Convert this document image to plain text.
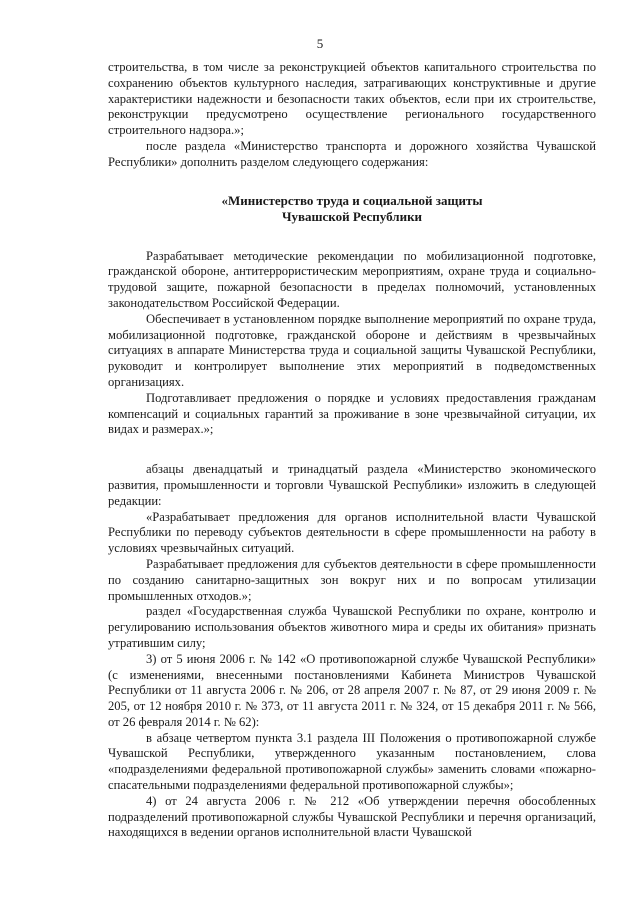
5

строительства, в том числе за реконструкцией объектов капитального строительства по сохранению объектов культурного наследия, затрагивающих конструктивные и другие характеристики надежности и безопасности таких объектов, если при их строительстве, реконструкции предусмотрено осуществление регионального государственного строительного надзора.»;

после раздела «Министерство транспорта и дорожного хозяйства Чувашской Республики» дополнить разделом следующего содержания:

«Министерство труда и социальной защиты

Чувашской Республики

Разрабатывает методические рекомендации по мобилизационной подготовке, гражданской обороне, антитеррористическим мероприятиям, охране труда и социально-трудовой защите, пожарной безопасности в пределах полномочий, установленных законодательством Российской Федерации.

Обеспечивает в установленном порядке выполнение мероприятий по охране труда, мобилизационной подготовке, гражданской обороне и действиям в чрезвычайных ситуациях в аппарате Министерства труда и социальной защиты Чувашской Республики, руководит и контролирует выполнение этих мероприятий в подведомственных организациях.

Подготавливает предложения о порядке и условиях предоставления гражданам компенсаций и социальных гарантий за проживание в зоне чрезвычайной ситуации, их видах и размерах.»;

абзацы двенадцатый и тринадцатый раздела «Министерство экономического развития, промышленности и торговли Чувашской Республики» изложить в следующей редакции:

«Разрабатывает предложения для органов исполнительной власти Чувашской Республики по переводу субъектов деятельности в сфере промышленности на работу в условиях чрезвычайных ситуаций.

Разрабатывает предложения для субъектов деятельности в сфере промышленности по созданию санитарно-защитных зон вокруг них и по вопросам утилизации промышленных отходов.»;

раздел «Государственная служба Чувашской Республики по охране, контролю и регулированию использования объектов животного мира и среды их обитания» признать утратившим силу;

3) от 5 июня 2006 г. № 142 «О противопожарной службе Чувашской Республики» (с изменениями, внесенными постановлениями Кабинета Министров Чувашской Республики от 11 августа 2006 г. № 206, от 28 апреля 2007 г. № 87, от 29 июня 2009 г. № 205, от 12 ноября 2010 г. № 373, от 11 августа 2011 г. № 324, от 15 декабря 2011 г. № 566, от 26 февраля 2014 г. № 62):

в абзаце четвертом пункта 3.1 раздела III Положения о противопожарной службе Чувашской Республики, утвержденного указанным постановлением, слова «подразделениями федеральной противопожарной службы» заменить словами «пожарно-спасательными подразделениями федеральной противопожарной службы»;

4) от 24 августа 2006 г. № 212 «Об утверждении перечня обособленных подразделений противопожарной службы Чувашской Республики и перечня организаций, находящихся в ведении органов исполнительной власти Чувашской
